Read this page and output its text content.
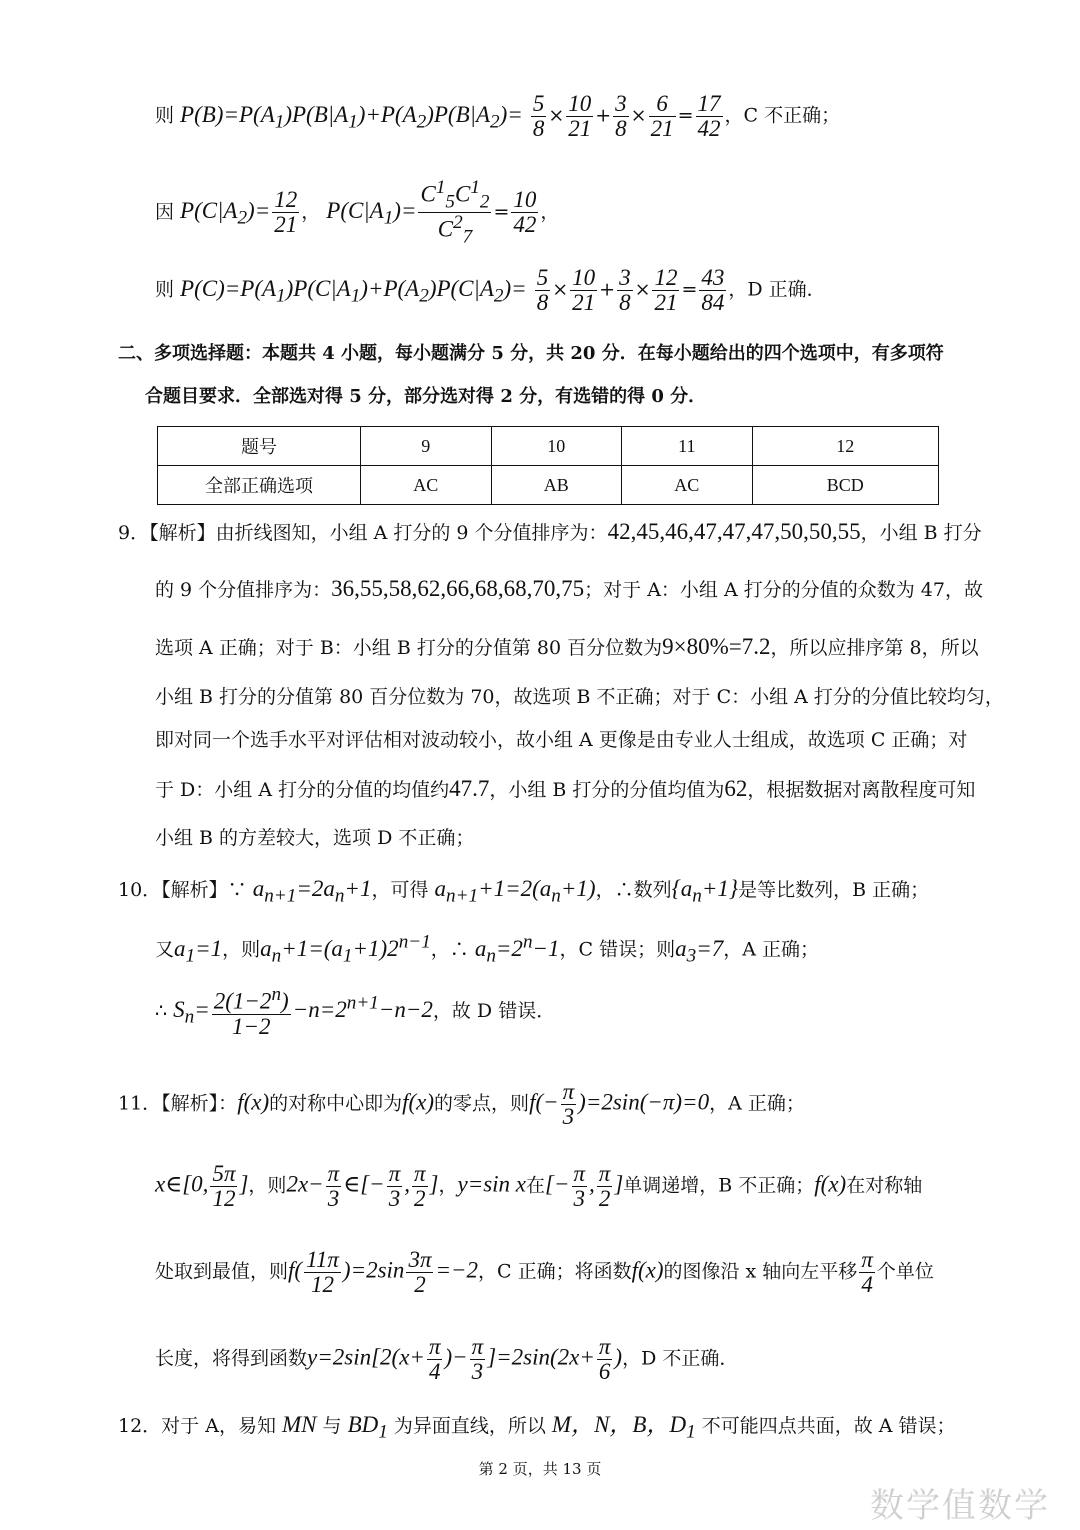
则 $P(B)=P(A_1)P(B|A_1)+P(A_2)P(B|A_2)= \frac{5}{8} \times \frac{10}{21} + \frac{3}{8} \times \frac{6}{21} = \frac{17}{42}$ ，C 不正确；
因 $P(C|A_2)= \frac{12}{21}$ ， $P(C|A_1)= \frac{C^1_5C^1_2}{C^2_7} = \frac{10}{42}$ ，
则 $P(C)=P(A_1)P(C|A_1)+P(A_2)P(C|A_2)= \frac{5}{8} \times \frac{10}{21} + \frac{3}{8} \times \frac{12}{21} = \frac{43}{84}$ ，D 正确．
二、多项选择题：本题共 4 小题，每小题满分 5 分，共 20 分．在每小题给出的四个选项中，有多项符
合题目要求．全部选对得 5 分，部分选对得 2 分，有选错的得 0 分．
题号	9	10	11	12
全部正确选项	AC	AB	AC	BCD
9．【解析】由折线图知，小组 A 打分的 9 个分值排序为：42,45,46,47,47,47,50,50,55，小组 B 打分
的 9 个分值排序为：36,55,58,62,66,68,68,70,75；对于 A：小组 A 打分的分值的众数为 47，故
选项 A 正确；对于 B：小组 B 打分的分值第 80 百分位数为9×80%=7.2，所以应排序第 8，所以
小组 B 打分的分值第 80 百分位数为 70，故选项 B 不正确；对于 C：小组 A 打分的分值比较均匀，
即对同一个选手水平对评估相对波动较小，故小组 A 更像是由专业人士组成，故选项 C 正确；对
于 D：小组 A 打分的分值的均值约47.7，小组 B 打分的分值均值为62，根据数据对离散程度可知
小组 B 的方差较大，选项 D 不正确；
10．【解析】∵ $a_{n+1}=2a_n+1$，可得 $a_{n+1}+1=2(a_n+1)$，∴数列$\{a_n+1\}$是等比数列，B 正确；
又$a_1=1$，则$a_n+1=(a_1+1)2^{n-1}$，∴ $a_n=2^n-1$，C 错误；则$a_3=7$，A 正确；
∴ $S_n= \frac{2(1-2^n)}{1-2} -n=2^{n+1}-n-2$，故 D 错误．
11．【解析】：f(x)的对称中心即为f(x)的零点，则$f(- \frac{\pi}{3} )=2\sin(-\pi)=0$，A 正确；
x∈[0, $\frac{5\pi}{12}$ ]，则$2x- \frac{\pi}{3}$ ∈[− $\frac{\pi}{3}$ , $\frac{\pi}{2}$ ]，y=sin x在[− $\frac{\pi}{3}$ , $\frac{\pi}{2}$ ]单调递增，B 不正确；f(x)在对称轴
处取到最值，则$f( \frac{11\pi}{12} )=2\sin \frac{3\pi}{2} =-2$，C 正确；将函数f(x)的图像沿 x 轴向左平移 $\frac{\pi}{4}$ 个单位
长度，将得到函数$y=2\sin[2(x+ \frac{\pi}{4}$ )− $\frac{\pi}{3} ]=2\sin(2x+ \frac{\pi}{6}$ )，D 不正确．
12．对于 A，易知 MN 与 $BD_1$ 为异面直线，所以 M，N，B，$D_1$ 不可能四点共面，故 A 错误；
第 2 页，共 13 页
数学值数学
